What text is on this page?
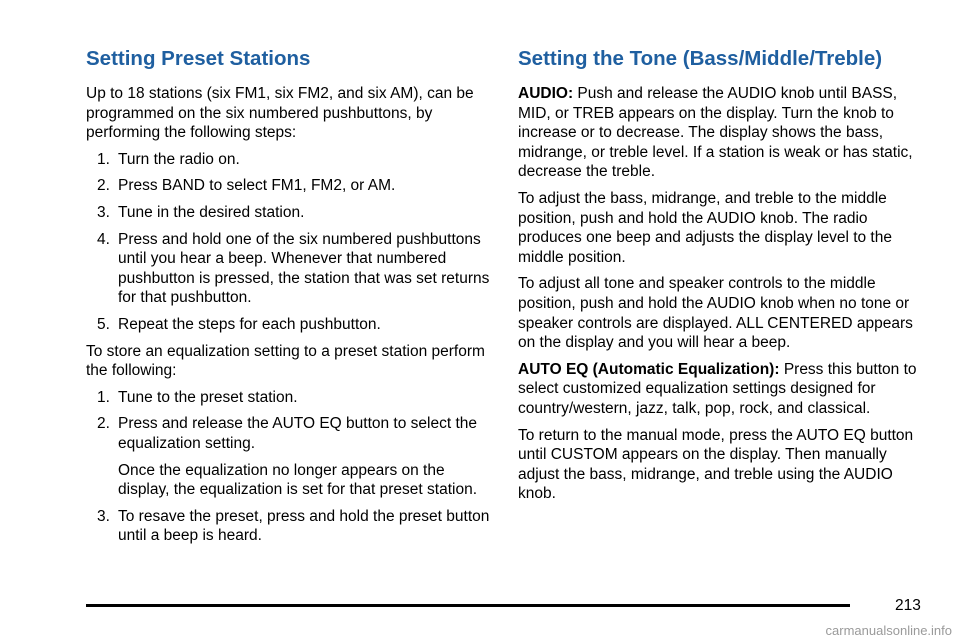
Setting Preset Stations

Up to 18 stations (six FM1, six FM2, and six AM), can be programmed on the six numbered pushbuttons, by performing the following steps:

1. Turn the radio on.
2. Press BAND to select FM1, FM2, or AM.
3. Tune in the desired station.
4. Press and hold one of the six numbered pushbuttons until you hear a beep. Whenever that numbered pushbutton is pressed, the station that was set returns for that pushbutton.
5. Repeat the steps for each pushbutton.

To store an equalization setting to a preset station perform the following:

1. Tune to the preset station.
2. Press and release the AUTO EQ button to select the equalization setting.
Once the equalization no longer appears on the display, the equalization is set for that preset station.
3. To resave the preset, press and hold the preset button until a beep is heard.
Setting the Tone (Bass/Middle/Treble)

AUDIO: Push and release the AUDIO knob until BASS, MID, or TREB appears on the display. Turn the knob to increase or to decrease. The display shows the bass, midrange, or treble level. If a station is weak or has static, decrease the treble.

To adjust the bass, midrange, and treble to the middle position, push and hold the AUDIO knob. The radio produces one beep and adjusts the display level to the middle position.

To adjust all tone and speaker controls to the middle position, push and hold the AUDIO knob when no tone or speaker controls are displayed. ALL CENTERED appears on the display and you will hear a beep.

AUTO EQ (Automatic Equalization): Press this button to select customized equalization settings designed for country/western, jazz, talk, pop, rock, and classical.

To return to the manual mode, press the AUTO EQ button until CUSTOM appears on the display. Then manually adjust the bass, midrange, and treble using the AUDIO knob.

213
carmanualsonline.info
